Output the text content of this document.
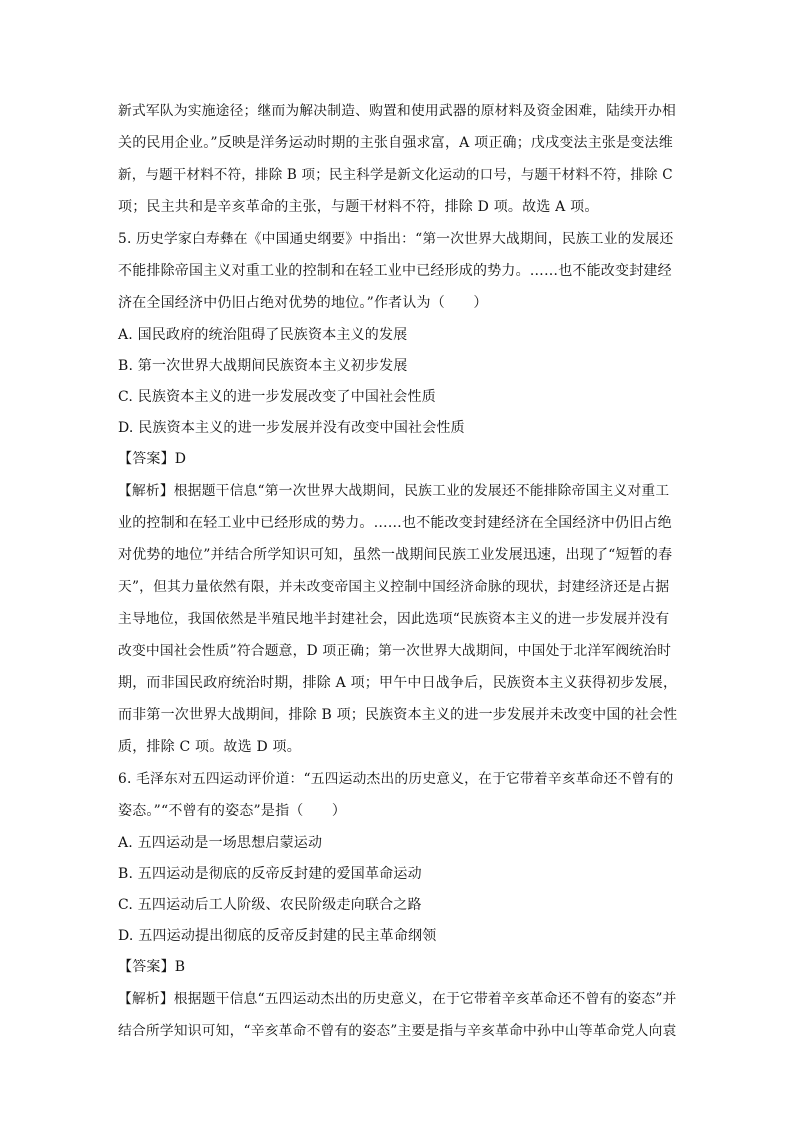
新式军队为实施途径；继而为解决制造、购置和使用武器的原材料及资金困难，陆续开办相
关的民用企业。”反映是洋务运动时期的主张自强求富，A 项正确；戊戌变法主张是变法维
新，与题干材料不符，排除 B 项；民主科学是新文化运动的口号，与题干材料不符，排除 C
项；民主共和是辛亥革命的主张，与题干材料不符，排除 D 项。故选 A 项。
5. 历史学家白寿彝在《中国通史纲要》中指出：“第一次世界大战期间，民族工业的发展还
不能排除帝国主义对重工业的控制和在轻工业中已经形成的势力。……也不能改变封建经
济在全国经济中仍旧占绝对优势的地位。”作者认为（　　）
A. 国民政府的统治阻碍了民族资本主义的发展
B. 第一次世界大战期间民族资本主义初步发展
C. 民族资本主义的进一步发展改变了中国社会性质
D. 民族资本主义的进一步发展并没有改变中国社会性质
【答案】D
【解析】根据题干信息“第一次世界大战期间，民族工业的发展还不能排除帝国主义对重工
业的控制和在轻工业中已经形成的势力。……也不能改变封建经济在全国经济中仍旧占绝
对优势的地位”并结合所学知识可知，虽然一战期间民族工业发展迅速，出现了“短暂的春
天”，但其力量依然有限，并未改变帝国主义控制中国经济命脉的现状，封建经济还是占据
主导地位，我国依然是半殖民地半封建社会，因此选项“民族资本主义的进一步发展并没有
改变中国社会性质”符合题意，D 项正确；第一次世界大战期间，中国处于北洋军阀统治时
期，而非国民政府统治时期，排除 A 项；甲午中日战争后，民族资本主义获得初步发展，
而非第一次世界大战期间，排除 B 项；民族资本主义的进一步发展并未改变中国的社会性
质，排除 C 项。故选 D 项。
6. 毛泽东对五四运动评价道：“五四运动杰出的历史意义，在于它带着辛亥革命还不曾有的
姿态。”“不曾有的姿态”是指（　　）
A. 五四运动是一场思想启蒙运动
B. 五四运动是彻底的反帝反封建的爱国革命运动
C. 五四运动后工人阶级、农民阶级走向联合之路
D. 五四运动提出彻底的反帝反封建的民主革命纲领
【答案】B
【解析】根据题干信息“五四运动杰出的历史意义，在于它带着辛亥革命还不曾有的姿态”并
结合所学知识可知，“辛亥革命不曾有的姿态”主要是指与辛亥革命中孙中山等革命党人向袁
